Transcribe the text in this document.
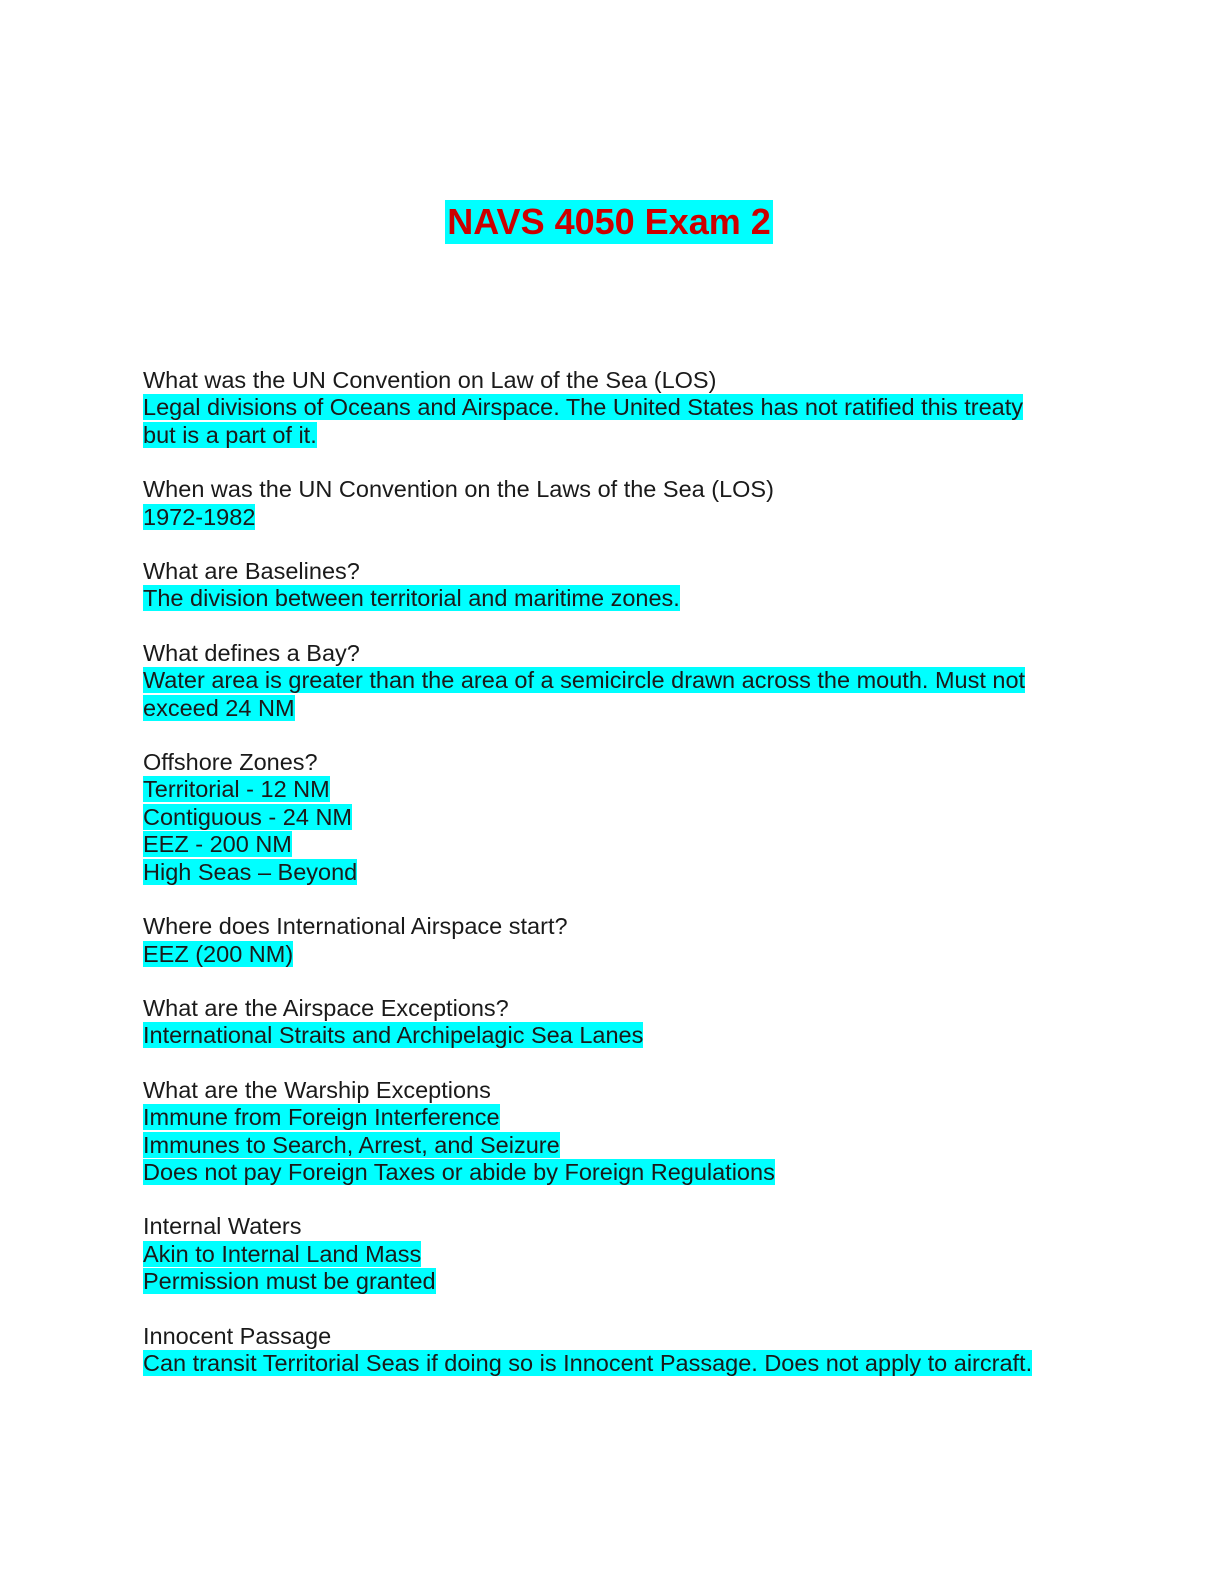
NAVS 4050 Exam 2
What was the UN Convention on Law of the Sea (LOS)
Legal divisions of Oceans and Airspace. The United States has not ratified this treaty
but is a part of it.
When was the UN Convention on the Laws of the Sea (LOS)
1972-1982
What are Baselines?
The division between territorial and maritime zones.
What defines a Bay?
Water area is greater than the area of a semicircle drawn across the mouth. Must not
exceed 24 NM
Offshore Zones?
Territorial - 12 NM
Contiguous - 24 NM
EEZ - 200 NM
High Seas – Beyond
Where does International Airspace start?
EEZ (200 NM)
What are the Airspace Exceptions?
International Straits and Archipelagic Sea Lanes
What are the Warship Exceptions
Immune from Foreign Interference
Immunes to Search, Arrest, and Seizure
Does not pay Foreign Taxes or abide by Foreign Regulations
Internal Waters
Akin to Internal Land Mass
Permission must be granted
Innocent Passage
Can transit Territorial Seas if doing so is Innocent Passage. Does not apply to aircraft.
